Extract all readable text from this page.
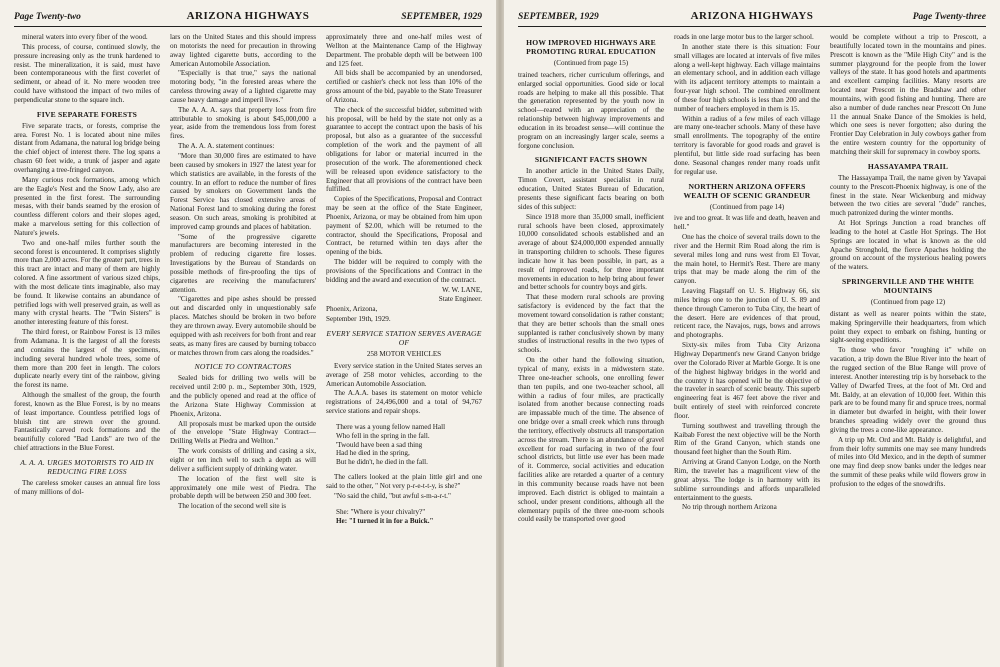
Page Twenty-two	ARIZONA HIGHWAYS	SEPTEMBER, 1929

mineral waters into every fiber of the wood.

This process, of course, continued slowly, the pressure increasing only as the trunk hardened to resist. The mineralization, it is said, must have been contemporaneous with the first coverlet of sediment, or ahead of it. No mere wooden tree could have withstood the impact of two miles of perpendicular stone to the square inch.

FIVE SEPARATE FORESTS

Five separate tracts, or forests, comprise the area. Forest No. 1 is located about nine miles distant from Adamana, the natural log bridge being the chief object of interest there. The log spans a chasm 60 feet wide, a trunk of jasper and agate overhanging a tree-fringed canyon.

Many curious rock formations, among which are the Eagle's Nest and the Snow Lady, also are presented in the first forest. The surrounding mesas, with their bands seamed by the erosion of countless different colors and their slopes aged, make a marvelous setting for this collection of Nature's jewels.

Two and one-half miles further south the second forest is encountered. It comprises slightly more than 2,000 acres. For the greater part, trees in this tract are intact and many of them are highly colored. A fine assortment of various sized chips, with the most delicate tints imaginable, also may be found. It likewise contains an abundance of petrified logs with well preserved grain, as well as many with crystal hearts. The "Twin Sisters" is another interesting feature of this forest.

The third forest, or Rainbow Forest is 13 miles from Adamana. It is the largest of all the forests and contains the largest of the specimens, including several hundred whole trees, some of them more than 200 feet in length. The colors duplicate nearly every tint of the rainbow, giving the forest its name.

Although the smallest of the group, the fourth forest, known as the Blue Forest, is by no means of least importance. Countless petrified logs of bluish tint are strewn over the ground. Fantastically carved rock formations and the beautifully colored "Bad Lands" are two of the chief attractions in the Blue Forest.

A. A. A. URGES MOTORISTS TO AID IN REDUCING FIRE LOSS

The careless smoker causes an annual fire loss of many millions of dol-

lars on the United States and this should impress on motorists the need for precaution in throwing away lighted cigarette butts, according to the American Automobile Association.

"Especially is that true," says the national motoring body, "in the forested areas where the careless throwing away of a lighted cigarette may cause heavy damage and imperil lives."

The A. A. A. says that property loss from fire attributable to smoking is about $45,000,000 a year, aside from the tremendous loss from forest fires.

The A. A. A. statement continues:

"More than 30,000 fires are estimated to have been caused by smokers in 1927 the latest year for which statistics are available, in the forests of the country. In an effort to reduce the number of fires caused by smokers on Government lands the Forest Service has closed extensive areas of National Forest land to smoking during the forest season. On such areas, smoking is prohibited at improved camp grounds and places of habitation.

"Some of the progressive cigarette manufacturers are becoming interested in the problem of reducing cigarette fire losses. Investigations by the Bureau of Standards on possible methods of fire-proofing the tips of cigarettes are receiving the manufacturers' attention.

"Cigarettes and pipe ashes should be pressed out and discarded only in unquestionably safe places. Matches should be broken in two before they are thrown away. Every automobile should be equipped with ash receivers for both front and rear seats, as many fires are caused by burning tobacco or matches thrown from cars along the roadsides."

NOTICE TO CONTRACTORS

Sealed bids for drilling two wells will be received until 2:00 p. m., September 30th, 1929, and the publicly opened and read at the office of the Arizona State Highway Commission at Phoenix, Arizona.

All proposals must be marked upon the outside of the envelope "State Highway Contract—Drilling Wells at Piedra and Wellton."

The work consists of drilling and casing a six, eight or ten inch well to such a depth as will deliver a sufficient supply of drinking water.

The location of the first well site is approximately one mile west of Piedra. The probable depth will be between 250 and 300 feet.

The location of the second well site is

approximately three and one-half miles west of Wellton at the Maintenance Camp of the Highway Department. The probable depth will be between 100 and 125 feet.

All bids shall be accompanied by an unendorsed, certified or cashier's check not less than 10% of the gross amount of the bid, payable to the State Treasurer of Arizona.

The check of the successful bidder, submitted with his proposal, will be held by the state not only as a guarantee to accept the contract upon the basis of his proposal, but also as a guarantee of the successful completion of the work and the payment of all obligations for labor or material incurred in the prosecution of the work. The aforementioned check will be released upon evidence satisfactory to the Engineer that all provisions of the contract have been fulfilled.

Copies of the Specifications, Proposal and Contract may be seen at the office of the State Engineer, Phoenix, Arizona, or may be obtained from him upon payment of $2.00, which will be returned to the contractor, should the Specifications, Proposal and Contract, be returned within ten days after the opening of the bids.

The bidder will be required to comply with the provisions of the Specifications and Contract in the bidding and the award and execution of the contract.

W. W. LANE,

State Engineer.

Phoenix, Arizona,

September 19th, 1929.

EVERY SERVICE STATION SERVES AVERAGE OF

258 MOTOR VEHICLES

Every service station in the United States serves an average of 258 motor vehicles, according to the American Automobile Association.

The A.A.A. bases its statement on motor vehicle registrations of 24,496,000 and a total of 94,767 service stations and repair shops.

There was a young fellow named Hall

Who fell in the spring in the fall.

'Twould have been a sad thing

Had he died in the spring,

But he didn't, he died in the fall.

The callers looked at the plain little girl and one said to the other, " Not very p-r-e-t-t-y, is she?"

"No said the child, "but awful s-m-a-r-t."

She: "Where is your chivalry?"

He: "I turned it in for a Buick."

SEPTEMBER, 1929	ARIZONA HIGHWAYS	Page Twenty-three
HOW IMPROVED HIGHWAYS ARE PROMOTING RURAL EDUCATION

(Continued from page 15)

trained teachers, richer curriculum offerings, and enlarged social opportunities. Good side or local roads are helping to make all this possible. That the generation represented by the youth now in school—reared with an appreciation of the relationship between highway improvements and education in its broadest sense—will continue the program on an increasingly larger scale, seems a forgone conclusion.

SIGNIFICANT FACTS SHOWN

In another article in the United States Daily, Timon Covert, assistant specialist in rural education, United States Bureau of Education, presents these significant facts bearing on both sides of this subject:

Since 1918 more than 35,000 small, inefficient rural schools have been closed, approximately 10,000 consolidated schools established and an average of about $24,000,000 expended annually in transporting children to schools. These figures indicate how it has been possible, in part, as a result of improved roads, for three important movements in education to help bring about fewer and better schools for country boys and girls.

That these modern rural schools are proving satisfactory is evidenced by the fact that the movement toward consolidation is rather constant; that they are better schools than the small ones supplanted is rather conclusively shown by many studies of instructional results in the two types of schools.

On the other hand the following situation, typical of many, exists in a midwestern state. Three one-teacher schools, one enrolling fewer than ten pupils, and one two-teacher school, all within a radius of four miles, are practically isolated from another because connecting roads are impassable much of the time. The absence of one bridge over a small creek which runs through the territory, effectively obstructs all transportation across the stream. There is an abundance of gravel excellent for road surfacing in two of the four school districts, but little use ever has been made of it. Commerce, social activities and education facilities alike are retarded a quarter of a century in this community because roads have not been improved. Each district is obliged to maintain a school, under present conditions, although all the elementary pupils of the three one-room schools could easily be transported over good

roads in one large motor bus to the larger school.

In another state there is this situation: Four small villages are located at intervals of five miles along a well-kept highway. Each village maintains an elementary school, and in addition each village with its adjacent territory attempts to maintain a four-year high school. The combined enrollment of these four high schools is less than 200 and the number of teachers employed in them is 15.

Within a radius of a few miles of each village are many one-teacher schools. Many of these have small enrollments. The topography of the entire territory is favorable for good roads and gravel is plentiful, but little side road surfacing has been done. Seasonal changes render many roads unfit for regular use.

NORTHERN ARIZONA OFFERS WEALTH OF SCENIC GRANDEUR

(Continued from page 14)

ive and too great. It was life and death, heaven and hell."

One has the choice of several trails down to the river and the Hermit Rim Road along the rim is several miles long and runs west from El Tovar, the main hotel, to Hermit's Rest. There are many trips that may be made along the rim of the canyon.

Leaving Flagstaff on U. S. Highway 66, six miles brings one to the junction of U. S. 89 and thence through Cameron to Tuba City, the heart of the desert. Here are evidences of that proud, reticent race, the Navajos, rugs, bows and arrows and photographs.

Sixty-six miles from Tuba City Arizona Highway Department's new Grand Canyon bridge over the Colorado River at Marble Gorge. It is one of the highest highway bridges in the world and the country it has opened will be the objective of the traveler in search of scenic beauty. This superb engineering feat is 467 feet above the river and built entirely of steel with reinforced concrete floor.

Turning southwest and travelling through the Kaibab Forest the next objective will be the North Rim of the Grand Canyon, which stands one thousand feet higher than the South Rim.

Arriving at Grand Canyon Lodge, on the North Rim, the traveler has a magnificent view of the great abyss. The lodge is in harmony with its sublime surroundings and affords unparalleled entertainment to the guests.

No trip through northern Arizona

would be complete without a trip to Prescott, a beautifully located town in the mountains and pines. Prescott is known as the "Mile High City" and is the summer playground for the people from the lower valleys of the state. It has good hotels and apartments and excellent camping facilities. Many resorts are located near Prescott in the Bradshaw and other mountains, with good fishing and hunting. There are also a number of dude ranches near Prescott On June 11 the annual Snake Dance of the Smokies is held, which one sees is never forgotten; also during the Frontier Day Celebration in July cowboys gather from the entire western country for the opportunity of matching their skill for supremacy in cowboy sports.

HASSAYAMPA TRAIL

The Hassayampa Trail, the name given by Yavapai county to the Prescott-Phoenix highway, is one of the finest in the state. Near Wickenburg and midway between the two cities are several "dude" ranches, much patronized during the winter months.

At Hot Springs Junction a road branches off leading to the hotel at Castle Hot Springs. The Hot Springs are located in what is known as the old Apache Stronghold, the fierce Apaches holding the ground on account of the mysterious healing powers of the waters.

SPRINGERVILLE AND THE WHITE MOUNTAINS

(Continued from page 12)

distant as well as nearer points within the state, making Springerville their headquarters, from which point they expect to embark on fishing, hunting or sight-seeing expeditions.

To those who favor "roughing it" while on vacation, a trip down the Blue River into the heart of the rugged section of the Blue Range will prove of interest. Another interesting trip is by horseback to the Valley of Dwarfed Trees, at the foot of Mt. Ord and Mt. Baldy, at an elevation of 10,000 feet. Within this park are to be found many fir and spruce trees, normal in diameter but dwarfed in height, with their lower branches spreading widely over the ground thus giving the trees a cone-like appearance.

A trip up Mt. Ord and Mt. Baldy is delightful, and from their lofty summits one may see many hundreds of miles into Old Mexico, and in the depth of summer one may find deep snow banks under the ledges near the summit of these peaks while wild flowers grow in profusion to the edges of the snowdrifts.
